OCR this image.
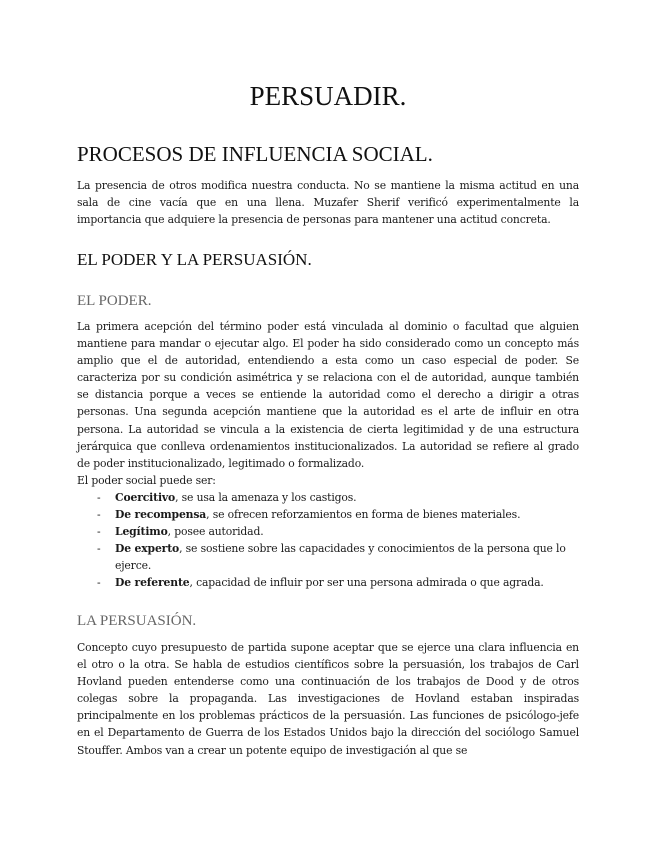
PERSUADIR.
PROCESOS DE INFLUENCIA SOCIAL.

La presencia de otros modifica nuestra conducta. No se mantiene la misma actitud en una sala de cine vacía que en una llena. Muzafer Sherif verificó experimentalmente la importancia que adquiere la presencia de personas para mantener una actitud concreta.

EL PODER Y LA PERSUASIÓN.
EL PODER.

La primera acepción del término poder está vinculada al dominio o facultad que alguien mantiene para mandar o ejecutar algo. El poder ha sido considerado como un concepto más amplio que el de autoridad, entendiendo a esta como un caso especial de poder. Se caracteriza por su condición asimétrica y se relaciona con el de autoridad, aunque también se distancia porque a veces se entiende la autoridad como el derecho a dirigir a otras personas. Una segunda acepción mantiene que la autoridad es el arte de influir en otra persona. La autoridad se vincula a la existencia de cierta legitimidad y de una estructura jerárquica que conlleva ordenamientos institucionalizados. La autoridad se refiere al grado de poder institucionalizado, legitimado o formalizado.

El poder social puede ser:

- Coercitivo, se usa la amenaza y los castigos.
- De recompensa, se ofrecen reforzamientos en forma de bienes materiales.
- Legítimo, posee autoridad.
- De experto, se sostiene sobre las capacidades y conocimientos de la persona que lo ejerce.
- De referente, capacidad de influir por ser una persona admirada o que agrada.
LA PERSUASIÓN.

Concepto cuyo presupuesto de partida supone aceptar que se ejerce una clara influencia en el otro o la otra. Se habla de estudios científicos sobre la persuasión, los trabajos de Carl Hovland pueden entenderse como una continuación de los trabajos de Dood y de otros colegas sobre la propaganda. Las investigaciones de Hovland estaban inspiradas principalmente en los problemas prácticos de la persuasión. Las funciones de psicólogo-jefe en el Departamento de Guerra de los Estados Unidos bajo la dirección del sociólogo Samuel Stouffer. Ambos van a crear un potente equipo de investigación al que se
